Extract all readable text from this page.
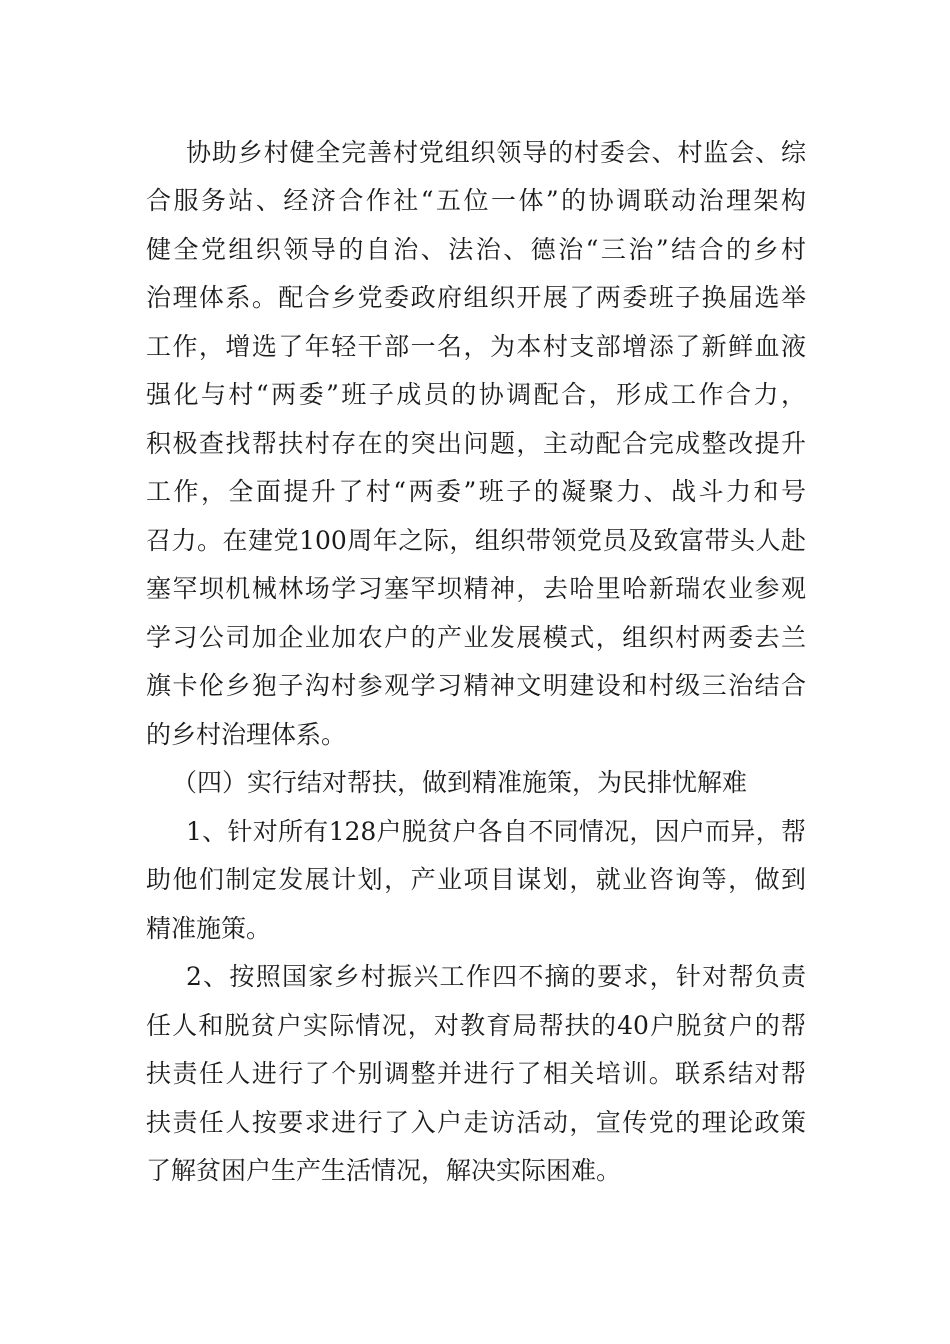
协助乡村健全完善村党组织领导的村委会、村监会、综
合服务站、经济合作社“五位一体”的协调联动治理架构
健全党组织领导的自治、法治、德治“三治”结合的乡村
治理体系。配合乡党委政府组织开展了两委班子换届选举
工作，增选了年轻干部一名，为本村支部增添了新鲜血液
强化与村“两委”班子成员的协调配合，形成工作合力，
积极查找帮扶村存在的突出问题，主动配合完成整改提升
工作，全面提升了村“两委”班子的凝聚力、战斗力和号
召力。在建党100周年之际，组织带领党员及致富带头人赴
塞罕坝机械林场学习塞罕坝精神，去哈里哈新瑞农业参观
学习公司加企业加农户的产业发展模式，组织村两委去兰
旗卡伦乡狍子沟村参观学习精神文明建设和村级三治结合
的乡村治理体系。
（四）实行结对帮扶，做到精准施策，为民排忧解难
1、针对所有128户脱贫户各自不同情况，因户而异，帮
助他们制定发展计划，产业项目谋划，就业咨询等，做到
精准施策。
2、按照国家乡村振兴工作四不摘的要求，针对帮负责
任人和脱贫户实际情况，对教育局帮扶的40户脱贫户的帮
扶责任人进行了个别调整并进行了相关培训。联系结对帮
扶责任人按要求进行了入户走访活动，宣传党的理论政策
了解贫困户生产生活情况，解决实际困难。
